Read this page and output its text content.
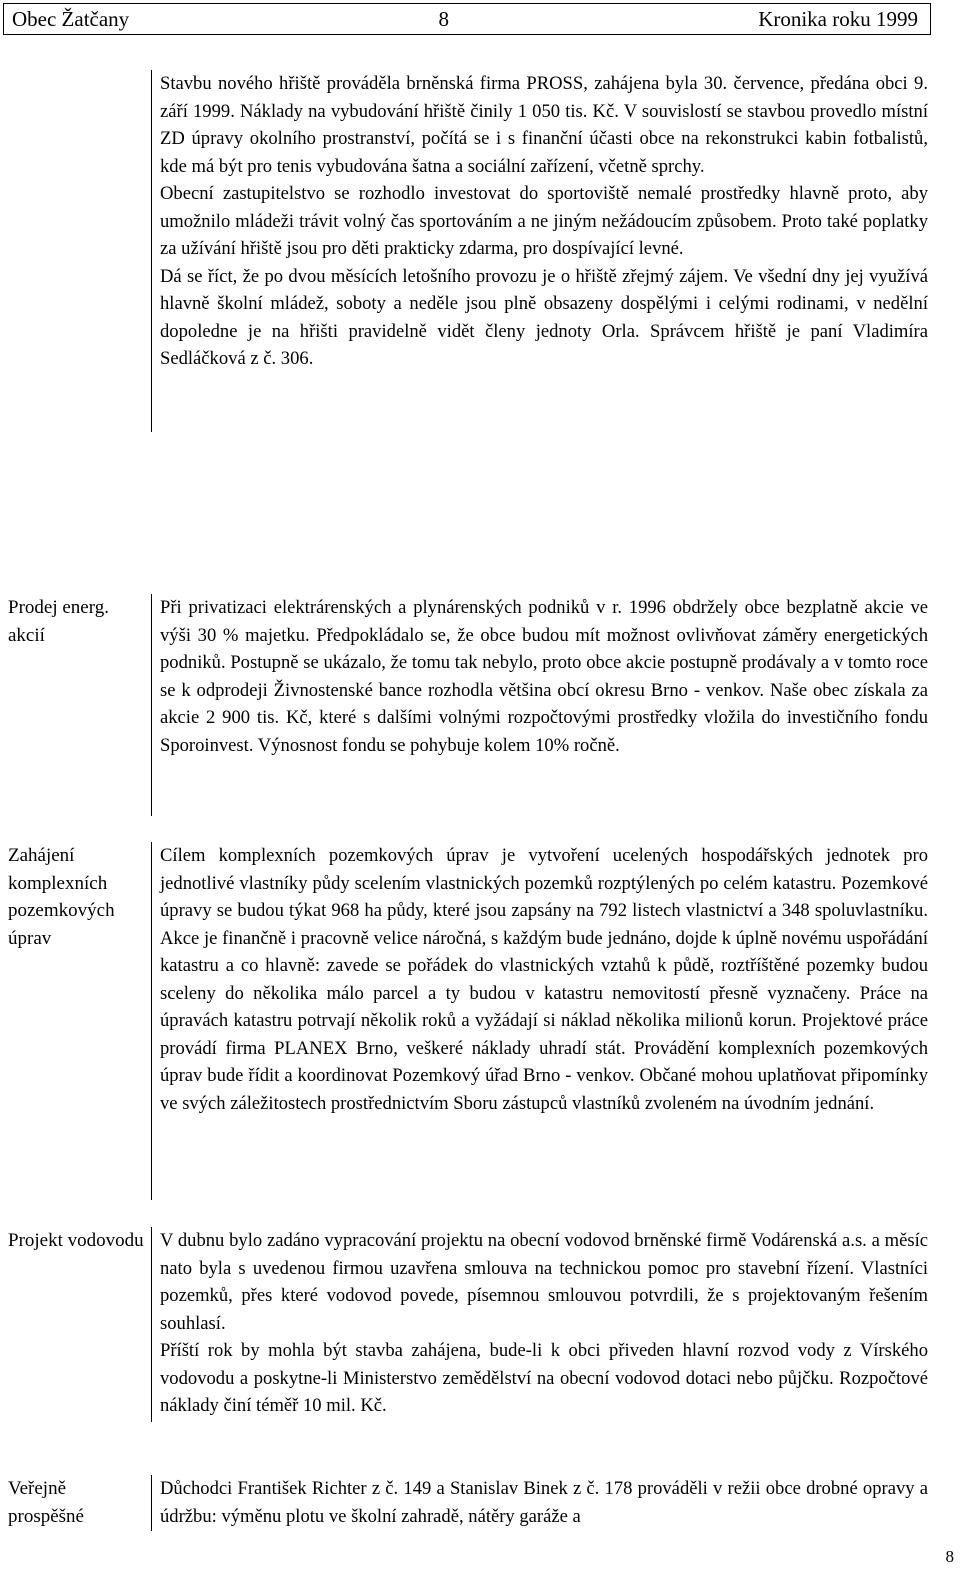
Obec Žatčany	8	Kronika roku 1999

Stavbu nového hřiště prováděla brněnská firma PROSS, zahájena byla 30. července, předána obci 9. září 1999. Náklady na vybudování hřiště činily 1 050 tis. Kč. V souvislostí se stavbou provedlo místní ZD úpravy okolního prostranství, počítá se i s finanční účasti obce na rekonstrukci kabin fotbalistů, kde má být pro tenis vybudována šatna a sociální zařízení, včetně sprchy.

Obecní zastupitelstvo se rozhodlo investovat do sportoviště nemalé prostředky hlavně proto, aby umožnilo mládeži trávit volný čas sportováním a ne jiným nežádoucím způsobem. Proto také poplatky za užívání hřiště jsou pro děti prakticky zdarma, pro dospívající levné.

Dá se říct, že po dvou měsících letošního provozu je o hřiště zřejmý zájem. Ve všední dny jej využívá hlavně školní mládež, soboty a neděle jsou plně obsazeny dospělými i celými rodinami, v nedělní dopoledne je na hřišti pravidelně vidět členy jednoty Orla. Správcem hřiště je paní Vladimíra Sedláčková z č. 306.

Prodej energ. akcií

Při privatizaci elektrárenských a plynárenských podniků v r. 1996 obdržely obce bezplatně akcie ve výši 30 % majetku. Předpokládalo se, že obce budou mít možnost ovlivňovat záměry energetických podniků. Postupně se ukázalo, že tomu tak nebylo, proto obce akcie postupně prodávaly a v tomto roce se k odprodeji Živnostenské bance rozhodla většina obcí okresu Brno - venkov. Naše obec získala za akcie 2 900 tis. Kč, které s dalšími volnými rozpočtovými prostředky vložila do investičního fondu Sporoinvest. Výnosnost fondu se pohybuje kolem 10% ročně.

Zahájení komplexních pozemkových úprav

Cílem komplexních pozemkových úprav je vytvoření ucelených hospodářských jednotek pro jednotlivé vlastníky půdy scelením vlastnických pozemků rozptýlených po celém katastru. Pozemkové úpravy se budou týkat 968 ha půdy, které jsou zapsány na 792 listech vlastnictví a 348 spoluvlastníku. Akce je finančně i pracovně velice náročná, s každým bude jednáno, dojde k úplně novému uspořádání katastru a co hlavně: zavede se pořádek do vlastnických vztahů k půdě, roztříštěné pozemky budou sceleny do několika málo parcel a ty budou v katastru nemovitostí přesně vyznačeny. Práce na úpravách katastru potrvají několik roků a vyžádají si náklad několika milionů korun. Projektové práce provádí firma PLANEX Brno, veškeré náklady uhradí stát. Provádění komplexních pozemkových úprav bude řídit a koordinovat Pozemkový úřad Brno - venkov. Občané mohou uplatňovat připomínky ve svých záležitostech prostřednictvím Sboru zástupců vlastníků zvoleném na úvodním jednání.

Projekt vodovodu V dubnu bylo zadáno vypracování projektu na obecní vodovod brněnské firmě Vodárenská a.s. a měsíc nato byla s uvedenou firmou uzavřena smlouva na technickou pomoc pro stavební řízení. Vlastníci pozemků, přes které vodovod povede, písemnou smlouvou potvrdili, že s projektovaným řešením souhlasí.

Příští rok by mohla být stavba zahájena, bude-li k obci přiveden hlavní rozvod vody z Vírského vodovodu a poskytne-li Ministerstvo zemědělství na obecní vodovod dotaci nebo půjčku. Rozpočtové náklady činí téměř 10 mil. Kč.

Veřejně prospěšné

Důchodci František Richter z č. 149 a Stanislav Binek z č. 178 prováděli v režii obce drobné opravy a údržbu: výměnu plotu ve školní zahradě, nátěry garáže a

8
